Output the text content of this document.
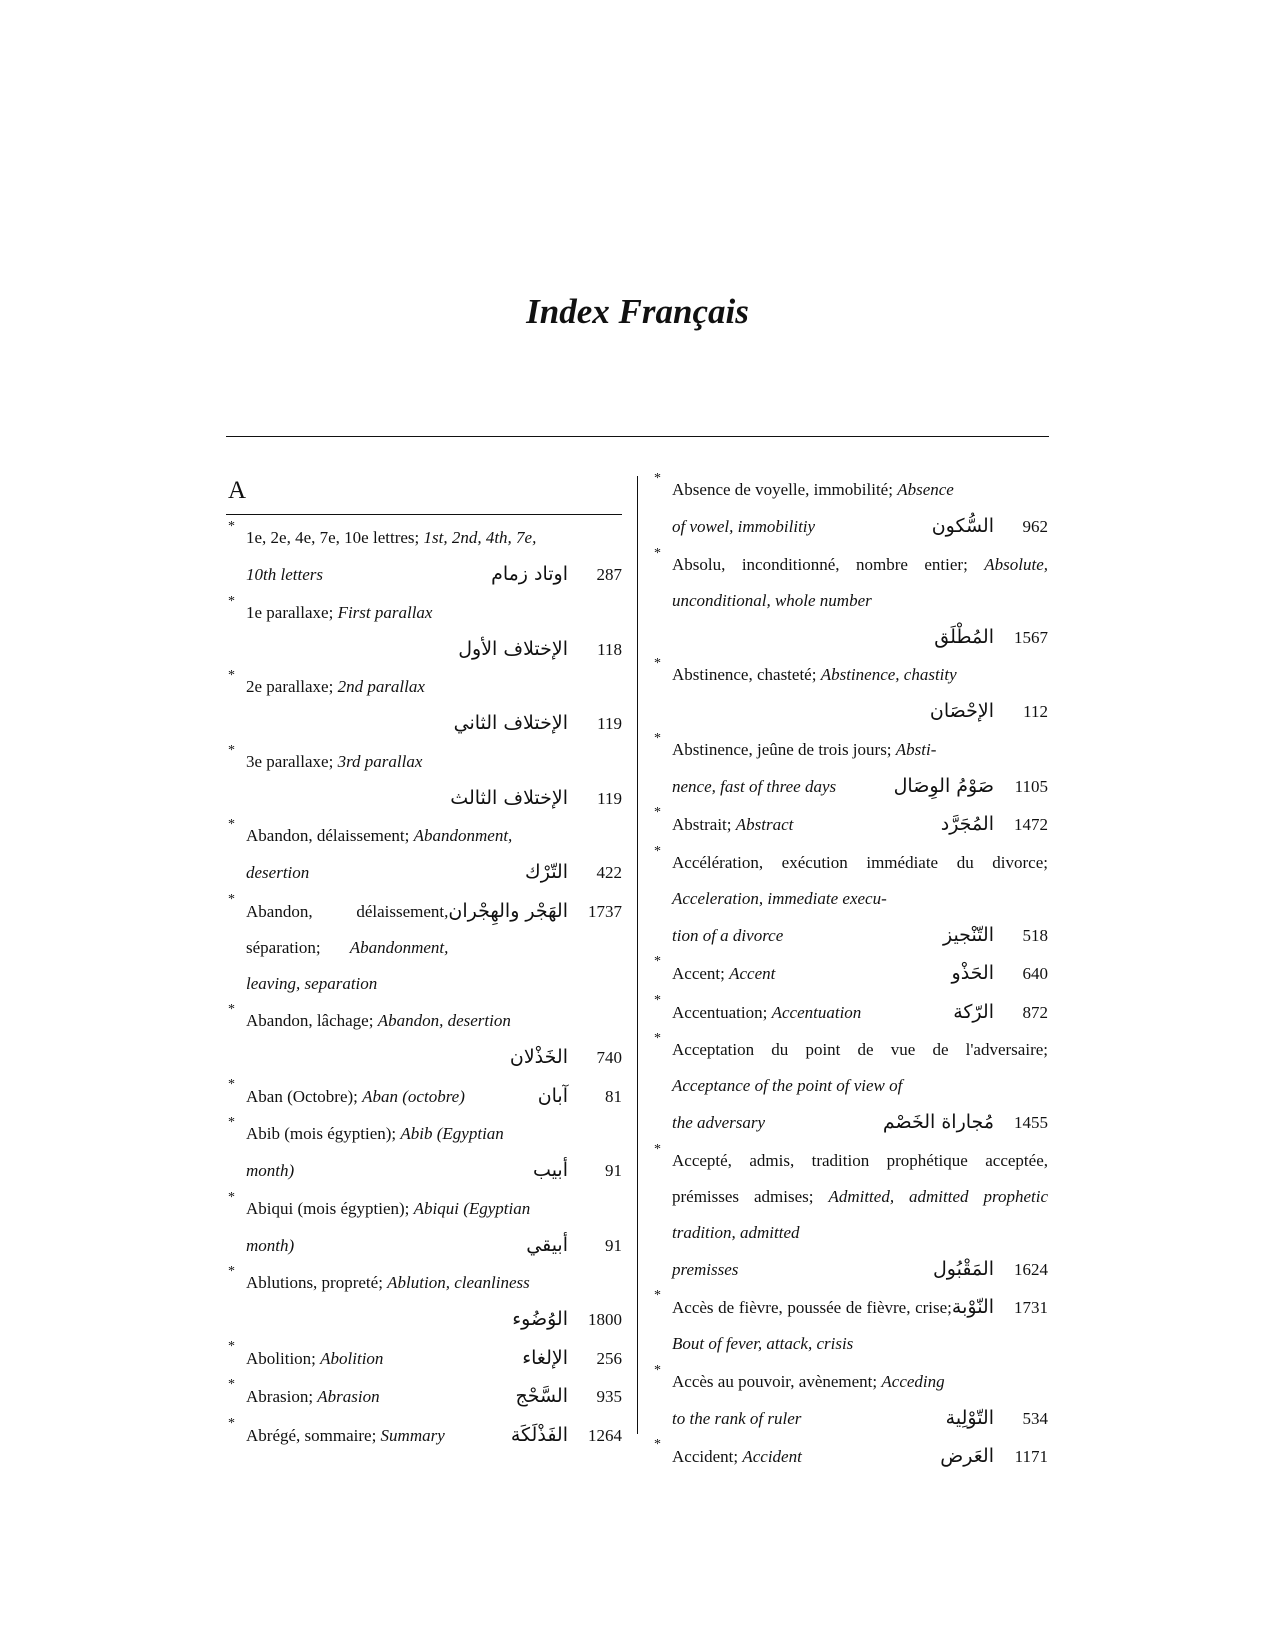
Index Français
A
*
1e, 2e, 4e, 7e, 10e lettres; 1st, 2nd, 4th, 7e,
10th letters	اوتاد زمام	287
*
1e parallaxe; First parallax
الإختلاف الأول	118
*
2e parallaxe; 2nd parallax
الإختلاف الثاني	119
*
3e parallaxe; 3rd parallax
الإختلاف الثالث	119
*
Abandon, délaissement; Abandonment,
desertion	التّرْك	422
*
Abandon, délaissement, séparation; Abandonment, leaving, separation
الهَجْر والهِجْران	1737
*
Abandon, lâchage; Abandon, desertion
الخَذْلان	740
*
Aban (Octobre); Aban (octobre)	آبان	81
*
Abib (mois égyptien); Abib (Egyptian
month)	أبيب	91
*
Abiqui (mois égyptien); Abiqui (Egyptian
month)	أبيقي	91
*
Ablutions, propreté; Ablution, cleanliness
الوُضُوء	1800
*
Abolition; Abolition	الإلغاء	256
*
Abrasion; Abrasion	السَّحْج	935
*
Abrégé, sommaire; Summary	الفَذْلَكَة	1264
*
Absence de voyelle, immobilité; Absence
of vowel, immobilitiy	السُّكون	962
*
Absolu, inconditionné, nombre entier; Absolute, unconditional, whole number
المُطْلَق	1567
*
Abstinence, chasteté; Abstinence, chastity
الإحْصَان	112
*
Abstinence, jeûne de trois jours; Absti-
nence, fast of three days	صَوْمُ الوِصَال	1105
*
Abstrait; Abstract	المُجَرَّد	1472
*
Accélération, exécution immédiate du divorce; Acceleration, immediate execu-
tion of a divorce	التّنْجيز	518
*
Accent; Accent	الحَذْو	640
*
Accentuation; Accentuation	الرّكة	872
*
Acceptation du point de vue de l'adversaire; Acceptance of the point of view of
the adversary	مُجاراة الخَصْم	1455
*
Accepté, admis, tradition prophétique acceptée, prémisses admises; Admitted, admitted prophetic tradition, admitted
premisses	المَقْبُول	1624
*
Accès de fièvre, poussée de fièvre, crise; Bout of fever, attack, crisis
النّوْبة	1731
*
Accès au pouvoir, avènement; Acceding
to the rank of ruler	التّوْلِية	534
*
Accident; Accident	العَرض	1171
